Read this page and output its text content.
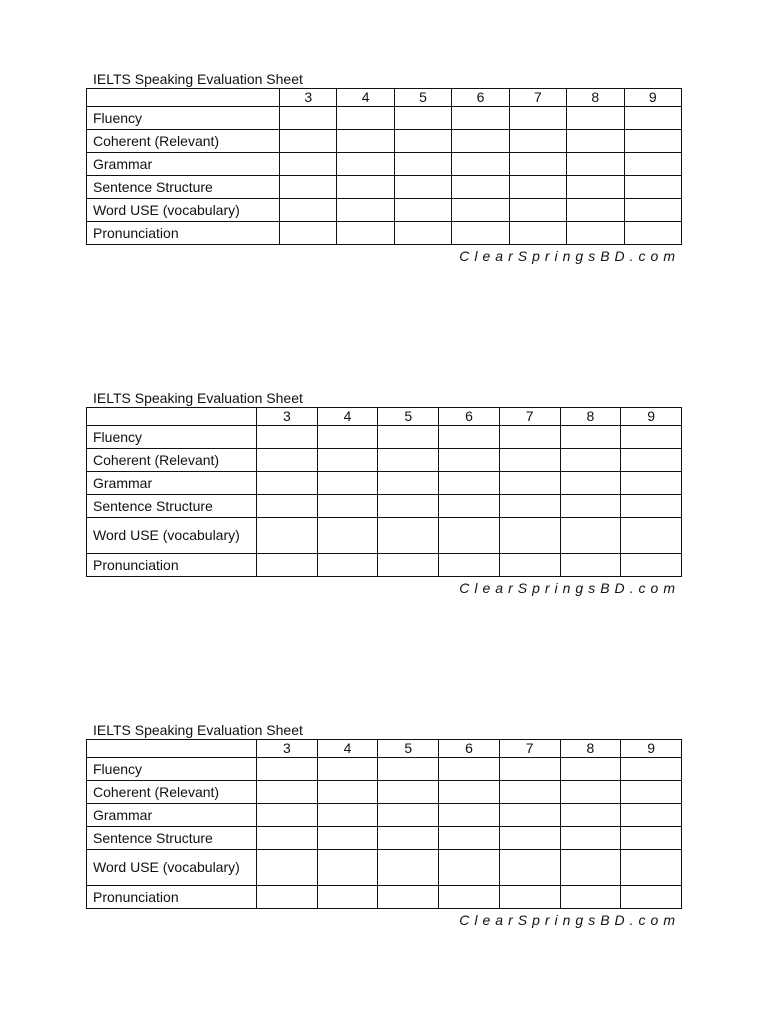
IELTS Speaking Evaluation Sheet
	3	4	5	6	7	8	9
Fluency							
Coherent (Relevant)							
Grammar							
Sentence Structure							
Word USE (vocabulary)							
Pronunciation							
ClearSpringsBD.com
IELTS Speaking Evaluation Sheet
	3	4	5	6	7	8	9
Fluency							
Coherent (Relevant)							
Grammar							
Sentence Structure							
Word USE (vocabulary)							
Pronunciation							
ClearSpringsBD.com
IELTS Speaking Evaluation Sheet
	3	4	5	6	7	8	9
Fluency							
Coherent (Relevant)							
Grammar							
Sentence Structure							
Word USE (vocabulary)							
Pronunciation							
ClearSpringsBD.com
